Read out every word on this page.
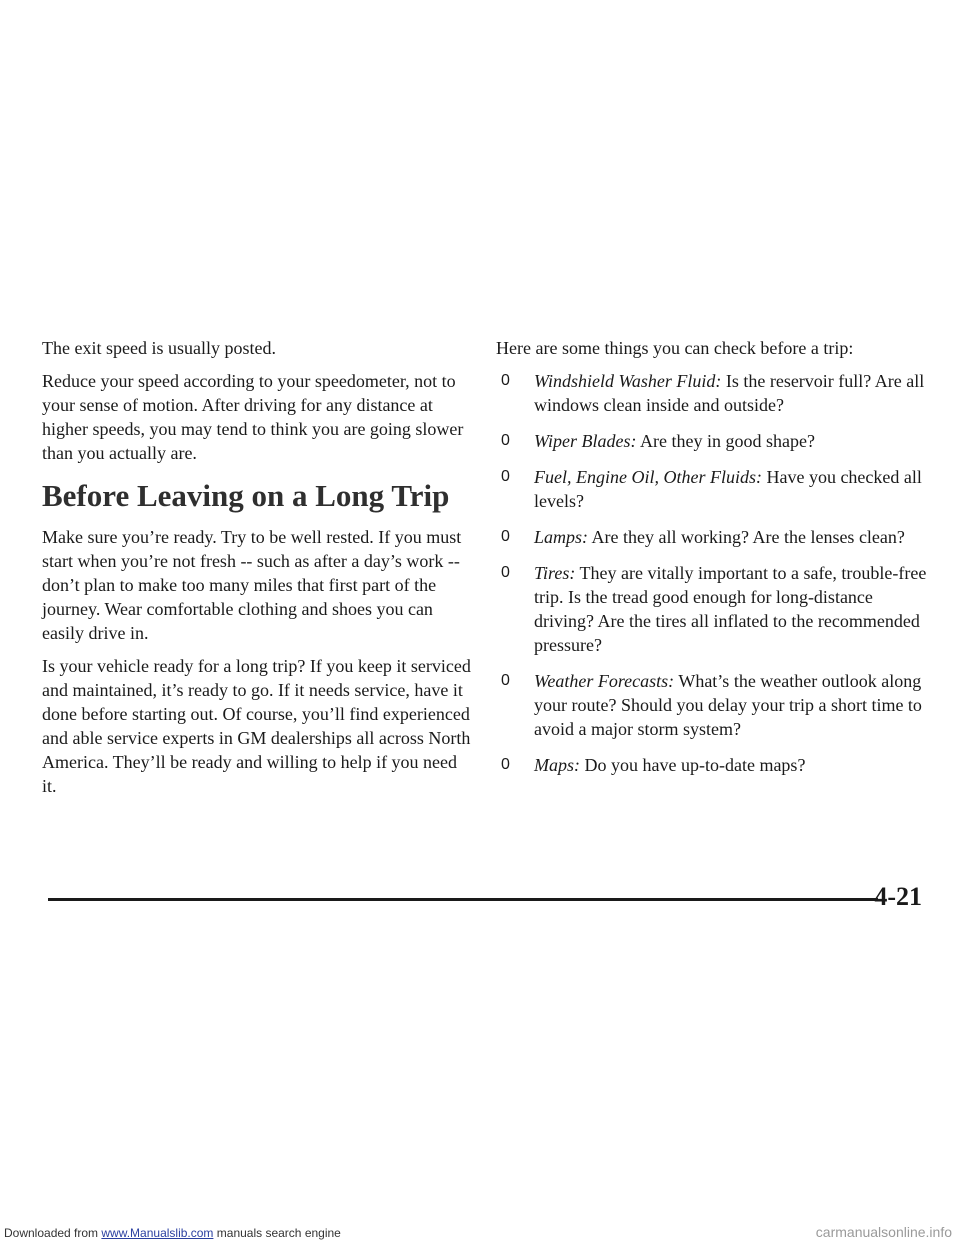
The exit speed is usually posted.

Reduce your speed according to your speedometer, not to your sense of motion. After driving for any distance at higher speeds, you may tend to think you are going slower than you actually are.

Before Leaving on a Long Trip

Make sure you’re ready. Try to be well rested. If you must start when you’re not fresh -- such as after a day’s work -- don’t plan to make too many miles that first part of the journey. Wear comfortable clothing and shoes you can easily drive in.

Is your vehicle ready for a long trip? If you keep it serviced and maintained, it’s ready to go. If it needs service, have it done before starting out. Of course, you’ll find experienced and able service experts in GM dealerships all across North America. They’ll be ready and willing to help if you need it.

Here are some things you can check before a trip:

0 Windshield Washer Fluid: Is the reservoir full? Are all windows clean inside and outside?
0 Wiper Blades: Are they in good shape?
0 Fuel, Engine Oil, Other Fluids: Have you checked all levels?
0 Lamps: Are they all working? Are the lenses clean?
0 Tires: They are vitally important to a safe, trouble-free trip. Is the tread good enough for long-distance driving? Are the tires all inflated to the recommended pressure?
0 Weather Forecasts: What’s the weather outlook along your route? Should you delay your trip a short time to avoid a major storm system?
0 Maps: Do you have up-to-date maps?
4-21
Downloaded from www.Manualslib.com manuals search engine	carmanualsonline.info
